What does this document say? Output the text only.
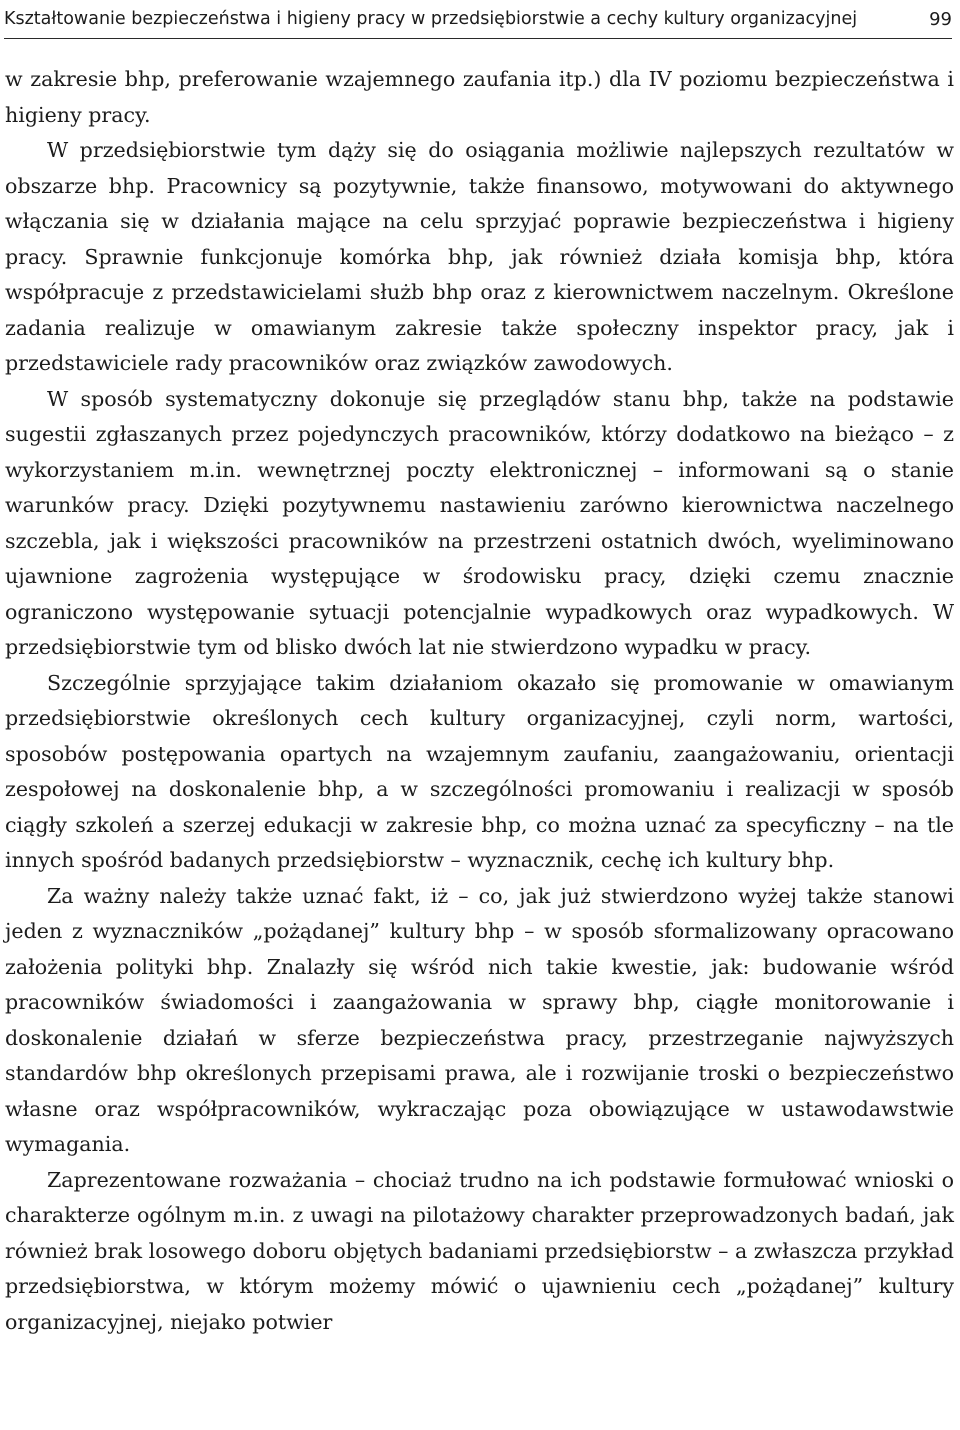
Kształtowanie bezpieczeństwa i higieny pracy w przedsiębiorstwie a cechy kultury organizacyjnej	99

w zakresie bhp, preferowanie wzajemnego zaufania itp.) dla IV poziomu bezpieczeństwa i higieny pracy.

W przedsiębiorstwie tym dąży się do osiągania możliwie najlepszych rezultatów w obszarze bhp. Pracownicy są pozytywnie, także finansowo, motywowani do aktywnego włączania się w działania mające na celu sprzyjać poprawie bezpieczeństwa i higieny pracy. Sprawnie funkcjonuje komórka bhp, jak również działa komisja bhp, która współpracuje z przedstawicielami służb bhp oraz z kierownictwem naczelnym. Określone zadania realizuje w omawianym zakresie także społeczny inspektor pracy, jak i przedstawiciele rady pracowników oraz związków zawodowych.

W sposób systematyczny dokonuje się przeglądów stanu bhp, także na podstawie sugestii zgłaszanych przez pojedynczych pracowników, którzy dodatkowo na bieżąco – z wykorzystaniem m.in. wewnętrznej poczty elektronicznej – informowani są o stanie warunków pracy. Dzięki pozytywnemu nastawieniu zarówno kierownictwa naczelnego szczebla, jak i większości pracowników na przestrzeni ostatnich dwóch, wyeliminowano ujawnione zagrożenia występujące w środowisku pracy, dzięki czemu znacznie ograniczono występowanie sytuacji potencjalnie wypadkowych oraz wypadkowych. W przedsiębiorstwie tym od blisko dwóch lat nie stwierdzono wypadku w pracy.

Szczególnie sprzyjające takim działaniom okazało się promowanie w omawianym przedsiębiorstwie określonych cech kultury organizacyjnej, czyli norm, wartości, sposobów postępowania opartych na wzajemnym zaufaniu, zaangażowaniu, orientacji zespołowej na doskonalenie bhp, a w szczególności promowaniu i realizacji w sposób ciągły szkoleń a szerzej edukacji w zakresie bhp, co można uznać za specyficzny – na tle innych spośród badanych przedsiębiorstw – wyznacznik, cechę ich kultury bhp.

Za ważny należy także uznać fakt, iż – co, jak już stwierdzono wyżej także stanowi jeden z wyznaczników „pożądanej” kultury bhp – w sposób sformalizowany opracowano założenia polityki bhp. Znalazły się wśród nich takie kwestie, jak: budowanie wśród pracowników świadomości i zaangażowania w sprawy bhp, ciągłe monitorowanie i doskonalenie działań w sferze bezpieczeństwa pracy, przestrzeganie najwyższych standardów bhp określonych przepisami prawa, ale i rozwijanie troski o bezpieczeństwo własne oraz współpracowników, wykraczając poza obowiązujące w ustawodawstwie wymagania.

Zaprezentowane rozważania – chociaż trudno na ich podstawie formułować wnioski o charakterze ogólnym m.in. z uwagi na pilotażowy charakter przeprowadzonych badań, jak również brak losowego doboru objętych badaniami przedsiębiorstw – a zwłaszcza przykład przedsiębiorstwa, w którym możemy mówić o ujawnieniu cech „pożądanej” kultury organizacyjnej, niejako potwier
